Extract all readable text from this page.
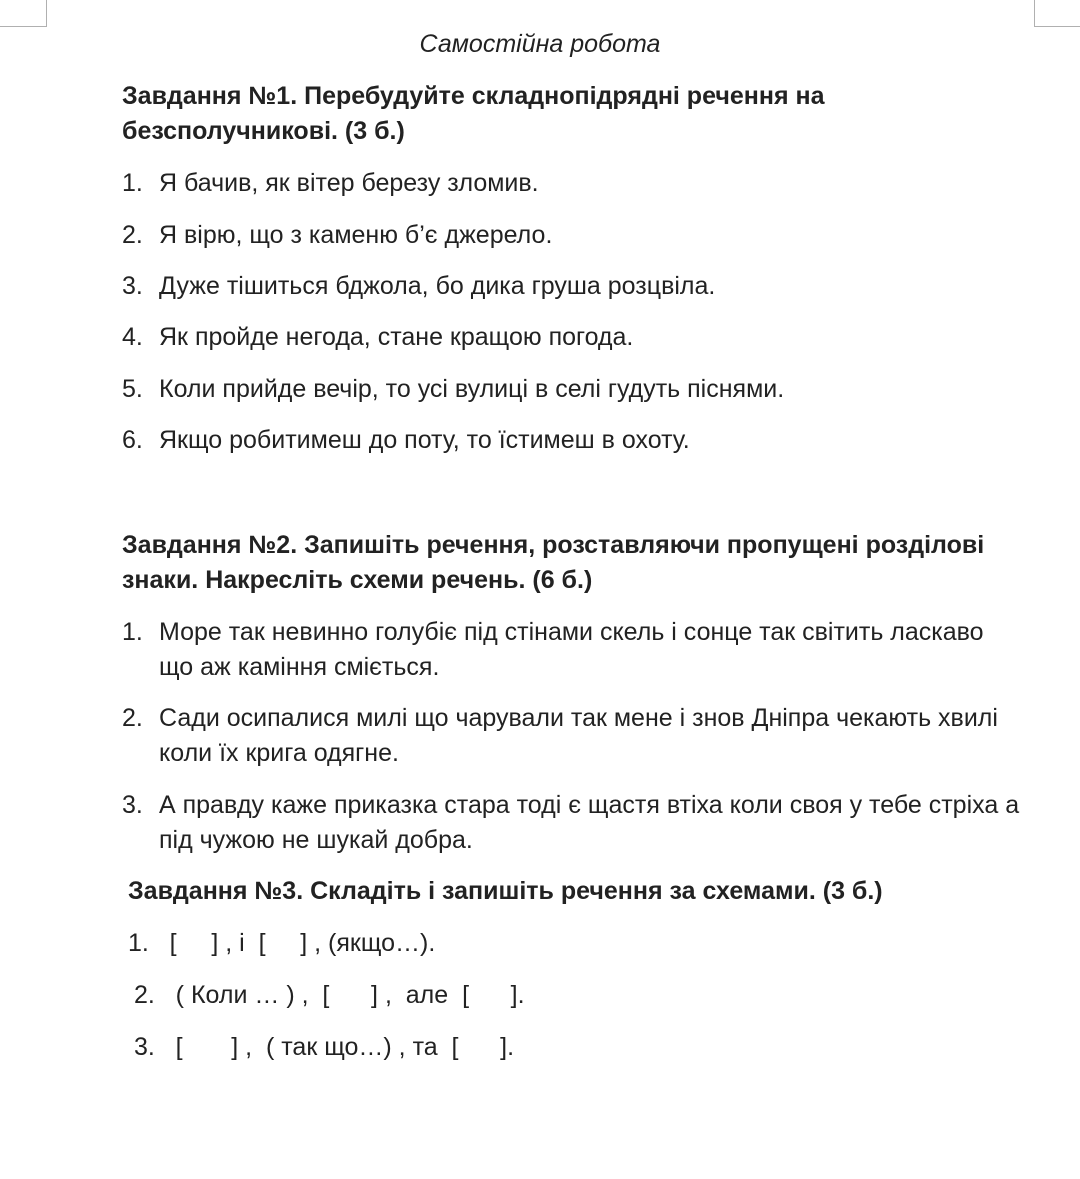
Самостійна робота
Завдання №1. Перебудуйте складнопідрядні речення на безсполучникові. (3 б.)
1. Я бачив, як вітер березу зломив.
2. Я вірю, що з каменю б’є джерело.
3. Дуже тішиться бджола, бо дика груша розцвіла.
4. Як пройде негода, стане кращою погода.
5. Коли прийде вечір, то усі вулиці в селі гудуть піснями.
6. Якщо робитимеш до поту, то їстимеш в охоту.
Завдання №2. Запишіть речення, розставляючи пропущені розділові знаки. Накресліть схеми речень. (6 б.)
1. Море так невинно голубіє під стінами скель і сонце так світить ласкаво що аж каміння сміється.
2. Сади осипалися милі що чарували так мене і знов Дніпра чекають хвилі коли їх крига одягне.
3. А правду каже приказка стара тоді є щастя втіха коли своя у тебе стріха а під чужою не шукай добра.
Завдання №3. Складіть і запишіть речення за схемами. (3 б.)
1.   [     ] , і  [     ] , (якщо…).
2.   ( Коли … ) ,  [      ] ,  але  [      ].
3.   [       ] ,  ( так що…) , та  [      ].
